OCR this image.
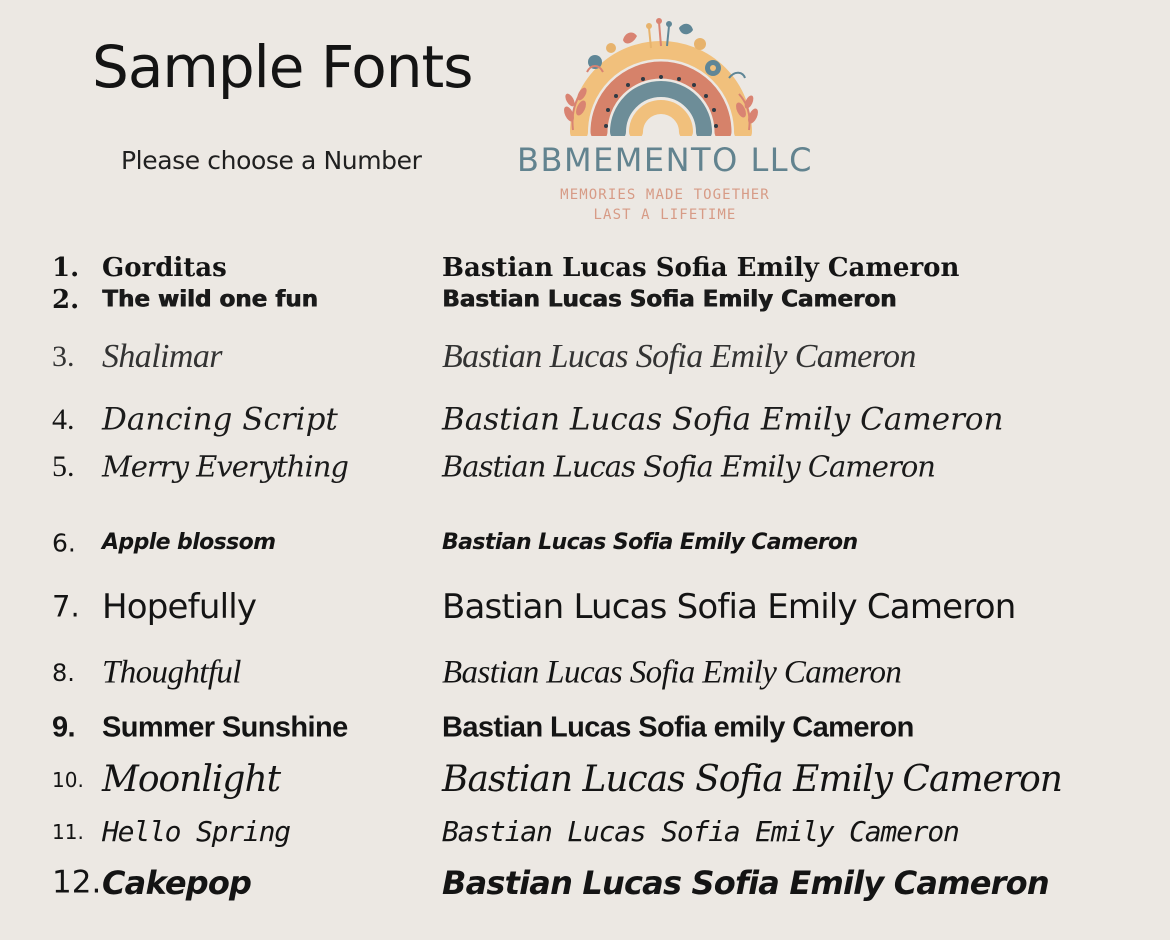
Sample Fonts
Please choose a Number	BBMEMENTO LLC
MEMORIES MADE TOGETHER
LAST A LIFETIME
1. Gorditas	Bastian Lucas Sofia Emily Cameron
2. The wild one fun	Bastian Lucas Sofia Emily Cameron
3. Shalimar	Bastian Lucas Sofia Emily Cameron
4. Dancing Script	Bastian Lucas Sofia Emily Cameron
5. Merry Everything	Bastian Lucas Sofia Emily Cameron
6. Apple blossom	Bastian Lucas Sofia Emily Cameron
7. Hopefully	Bastian Lucas Sofia Emily Cameron
8. Thoughtful	Bastian Lucas Sofia Emily Cameron
9. Summer Sunshine	Bastian Lucas Sofia emily Cameron
10. Moonlight	Bastian Lucas Sofia Emily Cameron
11. Hello Spring	Bastian Lucas Sofia Emily Cameron
12. Cakepop	Bastian Lucas Sofia Emily Cameron
